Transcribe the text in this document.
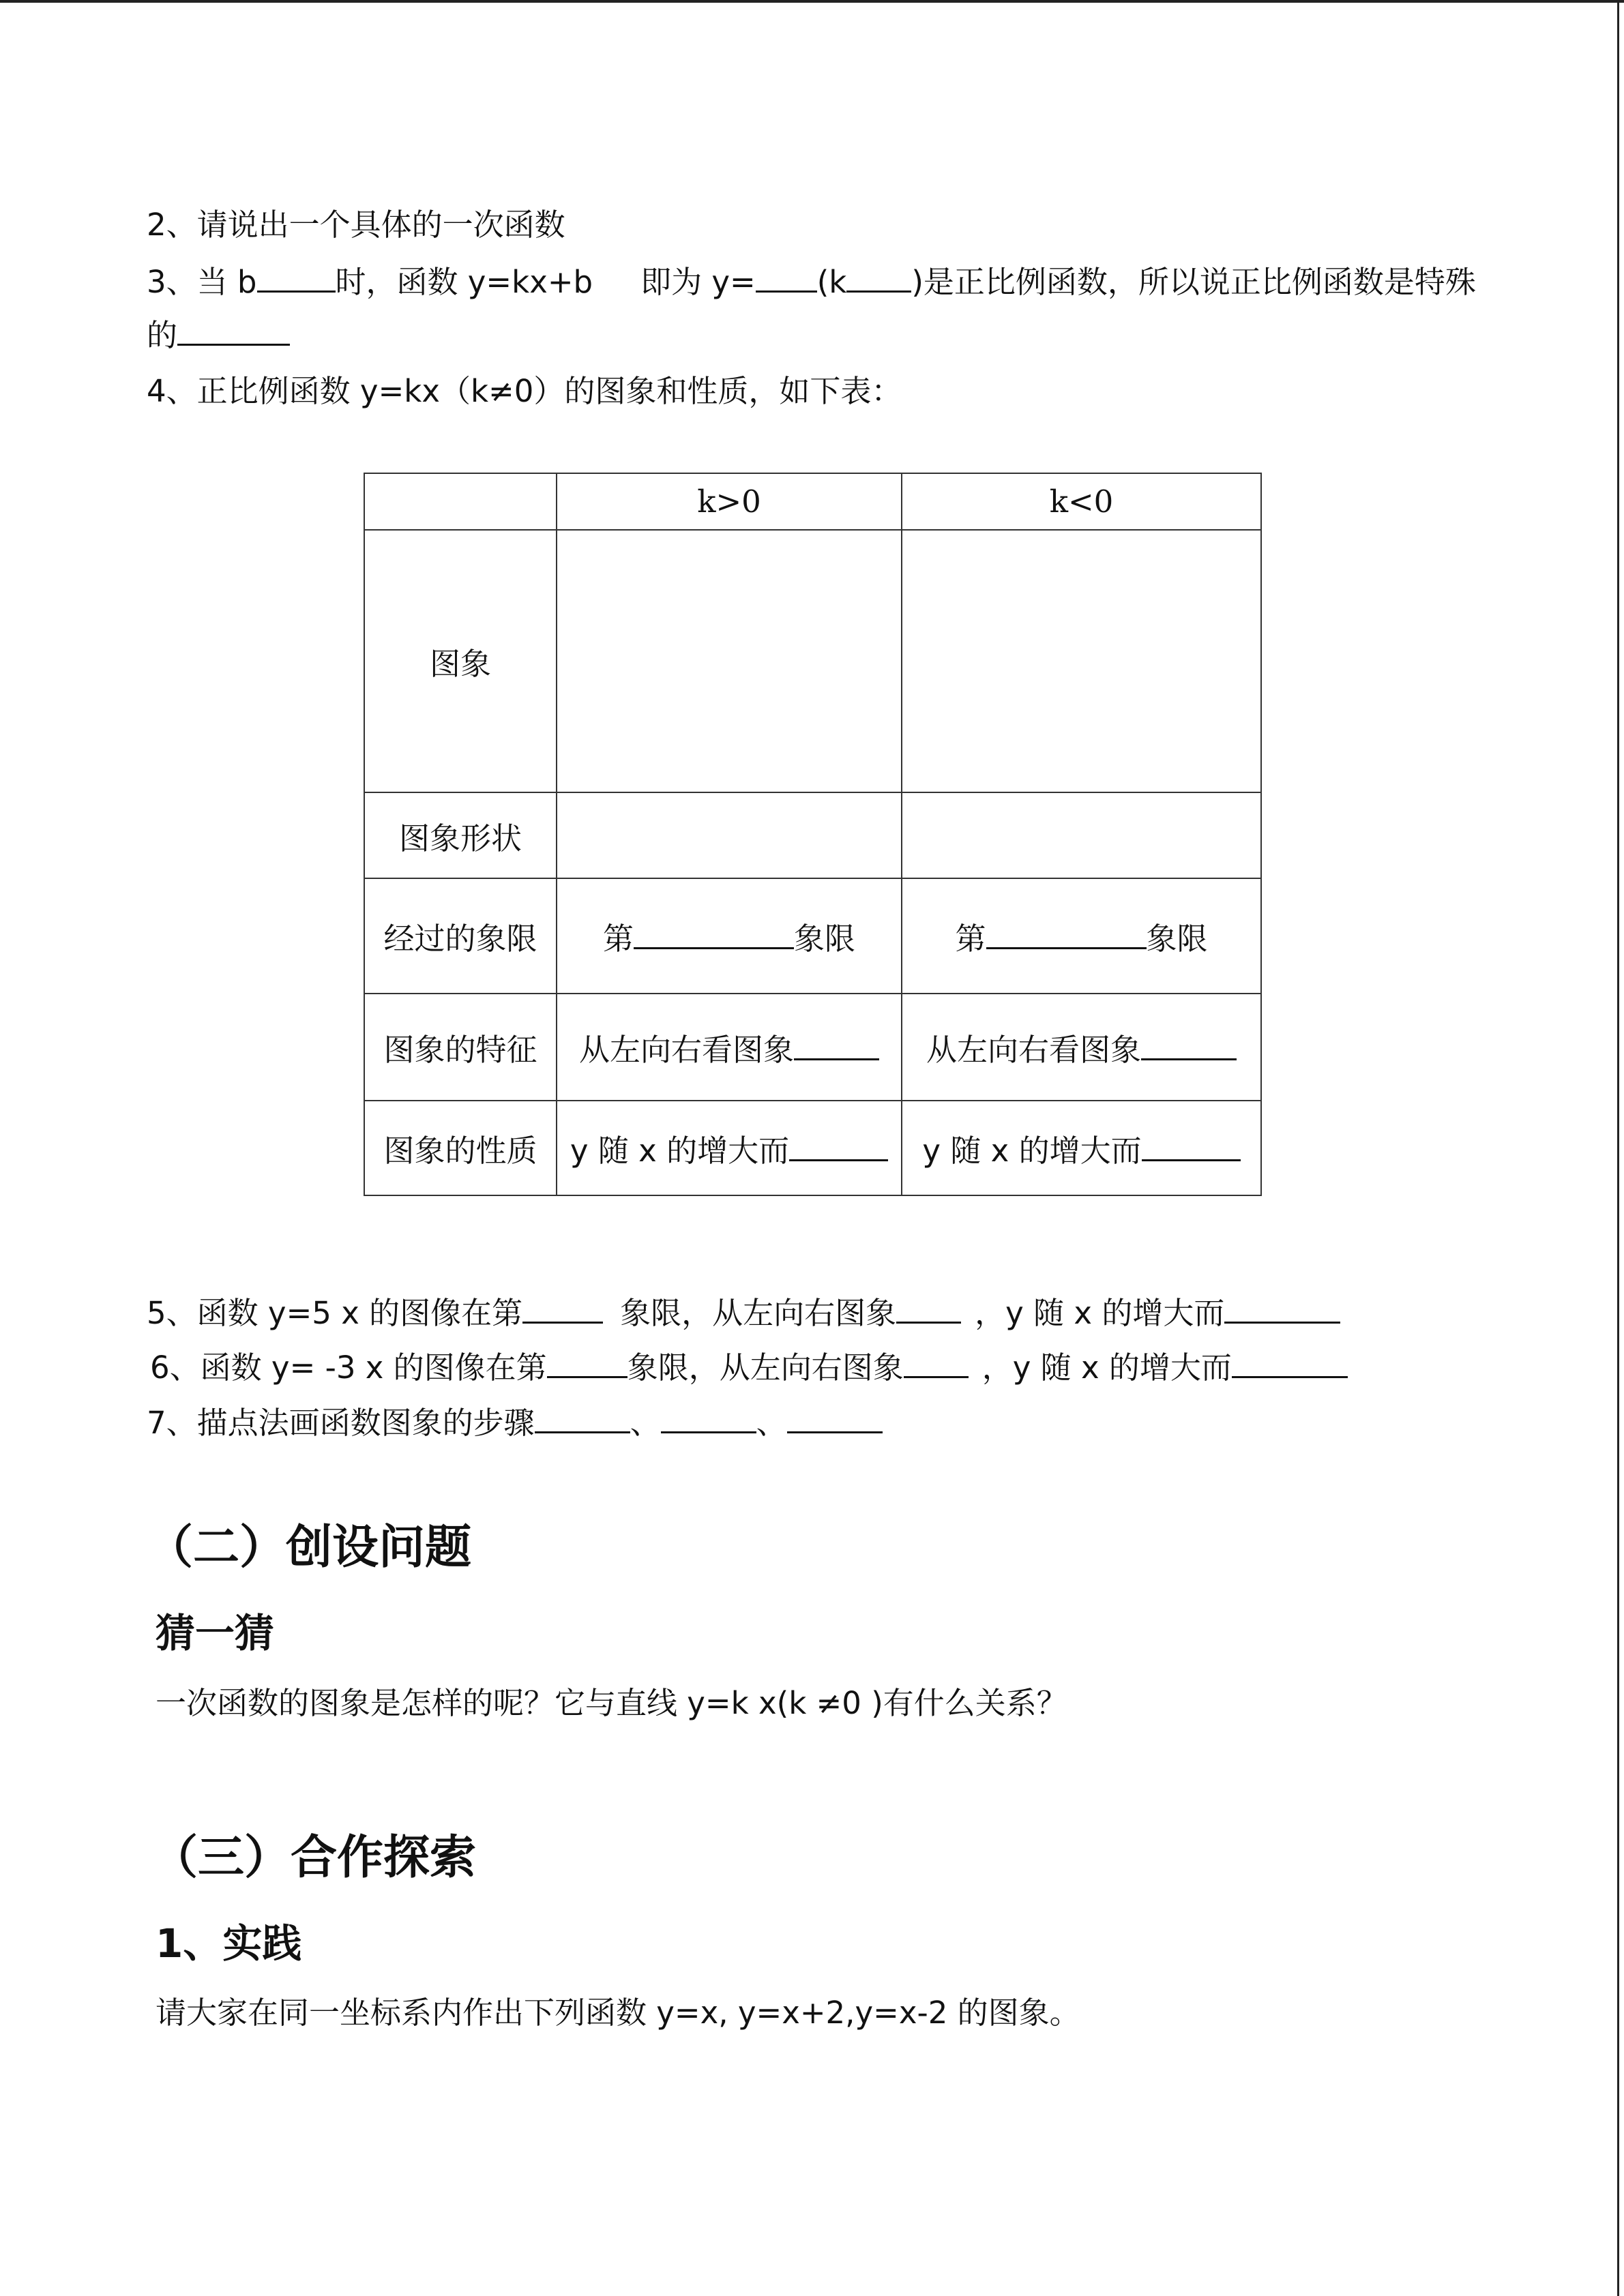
2、请说出一个具体的一次函数
3、当 b	时，函数 y=kx+b 即为 y= (k )是正比例函数，所以说正比例函数是特殊
的
4、正比例函数 y=kx（k≠0）的图象和性质，如下表：
	k>0	k<0
图象		
图象形状		
经过的象限	第 象限	第 象限
图象的特征	从左向右看图象	从左向右看图象
图象的性质	y 随 x 的增大而	y 随 x 的增大而
5、函数 y=5 x 的图像在第	象限，从左向右图象	，y 随 x 的增大而
6、函数 y= -3 x 的图像在第	象限，从左向右图象	，y 随 x 的增大而
7、描点法画函数图象的步骤	、	、
（二）创设问题
猜一猜
一次函数的图象是怎样的呢？它与直线 y=k x(k ≠0 )有什么关系？
（三）合作探索
1、实践
请大家在同一坐标系内作出下列函数 y=x, y=x+2,y=x-2 的图象。
